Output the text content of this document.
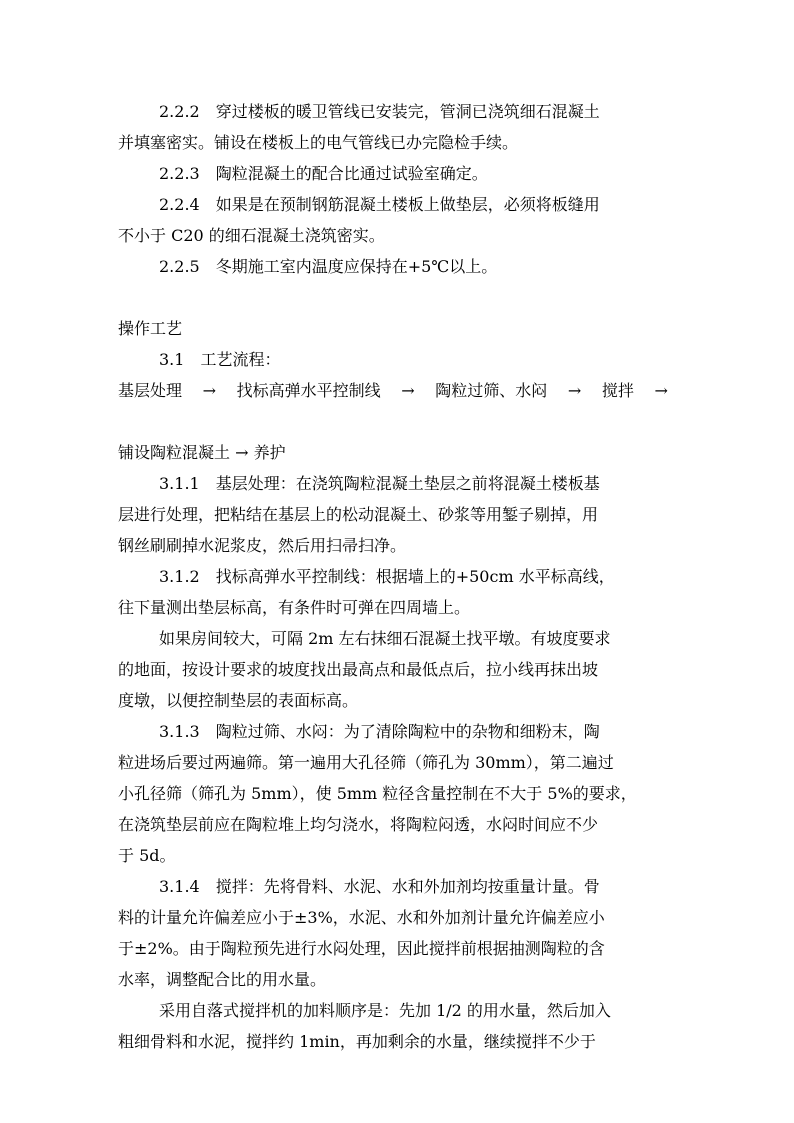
2.2.2　穿过楼板的暖卫管线已安装完，管洞已浇筑细石混凝土
并填塞密实。铺设在楼板上的电气管线已办完隐检手续。
2.2.3　陶粒混凝土的配合比通过试验室确定。
2.2.4　如果是在预制钢筋混凝土楼板上做垫层，必须将板缝用
不小于 C20 的细石混凝土浇筑密实。
2.2.5　冬期施工室内温度应保持在+5℃以上。
操作工艺
3.1　工艺流程：
基层处理 → 找标高弹水平控制线 → 陶粒过筛、水闷 → 搅拌 →
铺设陶粒混凝土 → 养护
3.1.1　基层处理：在浇筑陶粒混凝土垫层之前将混凝土楼板基
层进行处理，把粘结在基层上的松动混凝土、砂浆等用錾子剔掉，用
钢丝刷刷掉水泥浆皮，然后用扫帚扫净。
3.1.2　找标高弹水平控制线：根据墙上的+50cm 水平标高线，
往下量测出垫层标高，有条件时可弹在四周墙上。
如果房间较大，可隔 2m 左右抹细石混凝土找平墩。有坡度要求
的地面，按设计要求的坡度找出最高点和最低点后，拉小线再抹出坡
度墩，以便控制垫层的表面标高。
3.1.3　陶粒过筛、水闷：为了清除陶粒中的杂物和细粉末，陶
粒进场后要过两遍筛。第一遍用大孔径筛（筛孔为 30mm），第二遍过
小孔径筛（筛孔为 5mm），使 5mm 粒径含量控制在不大于 5%的要求，
在浇筑垫层前应在陶粒堆上均匀浇水，将陶粒闷透，水闷时间应不少
于 5d。
3.1.4　搅拌：先将骨料、水泥、水和外加剂均按重量计量。骨
料的计量允许偏差应小于±3%，水泥、水和外加剂计量允许偏差应小
于±2%。由于陶粒预先进行水闷处理，因此搅拌前根据抽测陶粒的含
水率，调整配合比的用水量。
采用自落式搅拌机的加料顺序是：先加 1/2 的用水量，然后加入
粗细骨料和水泥，搅拌约 1min，再加剩余的水量，继续搅拌不少于
